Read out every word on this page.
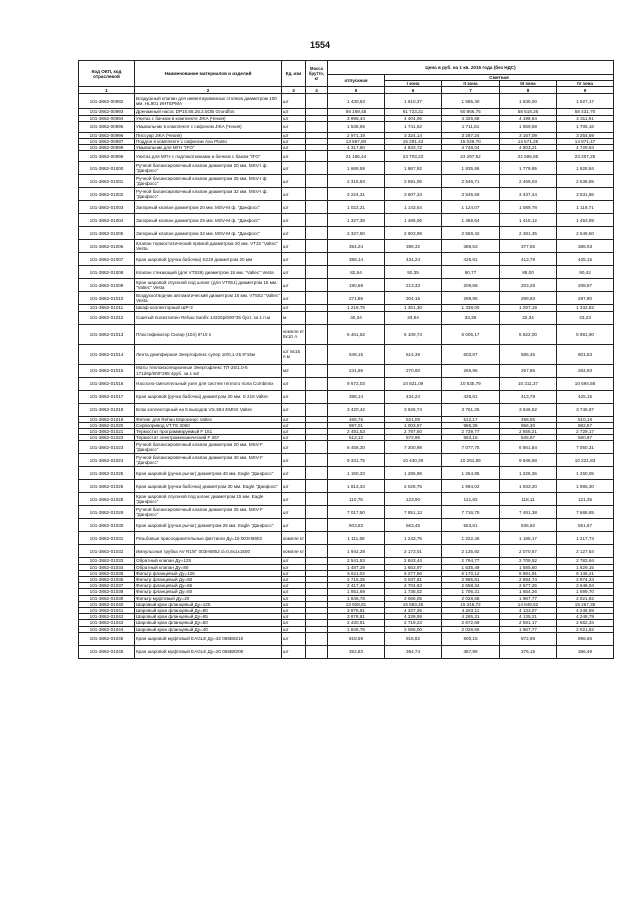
1554
Код ОКП, код отраслевой	Наименование материалов и изделий	Ед. изм	Масса брутто, кг	Цена в руб. на 1 кв. 2015 года (без НДС)				
				отпускная	Сметная			
					I зона	II зона	III зона	IV зона
1	2	3	4	5	6	7	8	9
101-3862-00992	Воздушный клапан для инвентированных стояков диаметром 100 мм. HL901 ИНТЕРМА	шт		1 430,63	1 610,37	1 585,30	1 535,00	1 527,17
101-3862-00993	Дренажный насос DP10.65.26.2.5ОВ Grundfos	шт		56 169,48	61 723,21	60 866,75	58 618,26	58 431,70
101-3862-00994	Унитаз с бачком в комплекте JIKA (Чехия)	шт		3 996,44	4 404,06	4 326,68	4 196,64	4 311,91
101-3862-00995	Умывальник в комплекте с сифоном JIKA (Чехия)	шт		1 538,69	1 741,62	1 711,81	1 659,59	1 705,16
101-3862-00996	Писсуар JIKA (Чехия)	шт		2 971,19	3 324,14	3 267,24	3 167,09	3 254,59
101-3862-00997	Поддон в комплекте с сифоном Axa Plasto	шт		13 687,80	15 291,43	15 029,70	14 571,25	14 971,47
101-3862-00998	Умывальник для МГН "IFO"	шт		4 317,60	4 833,72	4 748,04	4 803,21	4 729,64
101-3862-00999	Унитаз для МГН с подлокотниками и бачком с баком "IFO"	шт		21 186,44	23 703,23	23 297,52	22 586,85	23 207,26
101-3862-01000	Ручной балансировочный клапан диаметром 20 мм. MSV-I ф. "Данфосс"	шт		1 669,59	1 867,92	1 835,95	1 779,95	1 828,84
101-3862-01001	Ручной балансировочный клапан диаметром 25 мм. MSV-I ф. "Данфосс"	шт		2 315,94	2 591,06	2 546,71	2 469,03	2 536,85
101-3862-01002	Ручной балансировочный клапан диаметром 32 мм. MSV-I ф. "Данфосс"	шт		3 224,31	3 607,34	3 545,59	3 437,44	3 531,86
101-3862-01003	Запорный клапан диаметром 20 мм. MSV-M ф. "Данфосс"	шт		1 022,21	1 143,64	1 124,07	1 089,78	1 119,71
101-3862-01004	Запорный клапан диаметром 25 мм. MSV-M ф. "Данфосс"	шт		1 327,38	1 485,06	1 459,64	1 415,12	1 453,99
101-3862-01005	Запорный клапан диаметром 32 мм. MSV-M ф. "Данфосс"	шт		2 327,50	2 603,99	2 559,42	2 481,35	2 549,50
101-3862-01006	Клапан термостатический прямой диаметром 20 мм. VT32 "Valtec" Vesta	шт		354,24	396,32	389,53	377,65	388,03
101-3862-01007	Кран шаровой (ручка бабочка) S219 диаметром 20 мм	шт		388,14	434,24	426,81	413,79	425,15
101-3862-01008	Клапан стекающий (для VT539) диаметром 15 мм. "Valtec" Vesta	шт		82,54	92,35	90,77	88,00	90,42
101-3862-01009	Кран шаровой спускной под шланг (для VT051) диаметром 15 мм. "Valtec" Vesta	шт		190,68	213,33	209,68	203,28	208,87
101-3862-01010	Воздухоотводчик автоматический диаметром 15 мм. VT502 "Valtec" Vesta	шт		271,86	304,16	298,95	289,83	297,80
101-3862-01011	Шкаф коллекторный ШР-3	шт		1 218,76	1 361,30	1 338,00	1 297,19	1 332,82
101-3862-01012	Сшитый полиэтилен Rehau Sanfix 14320р/600*35 бухт. за 1 п.м	м		30,34	33,94	33,36	32,34	33,23
101-3862-01013	Пластификатор Силар (10л) 8*10 л	компле кт 8х10 л		5 461,62	6 109,74	6 005,17	5 822,00	5 981,90
101-3862-01014	Лента демпферная Энергофлекс супер 10/0,1-25 8*15м	шт 8х15 п.м		549,15	614,39	603,87	585,45	601,53
101-3862-01015	Маты теплоизоляционные Энергофлекс ТП-25/1.0-5 17126р/600*285 4руб. за 1 м2	м2		241,86	270,60	265,96	257,85	264,93
101-3862-01016	Насосно-смесительный узел для систем теплого пола Combimix	шт		9 672,03	10 821,09	10 635,79	10 311,37	10 594,58
101-3862-01017	Кран шаровой (ручка бабочка) диаметром 20 мм. S 219 Valtec	шт		388,14	434,24	426,81	413,79	425,15
101-3862-01018	Блок коллекторный на 5 выходов Vtc.594 EMNX Valtec	шт		3 420,42	3 826,74	3 761,25	3 646,52	3 746,67
101-3862-01019	Фитинг для Rehau Евроконус Valtec	шт		465,76	521,09	512,17	496,55	510,19
101-3862-01020	Сервопривод VT.TE 3060	шт		897,01	1 003,57	986,39	956,30	982,57
101-3862-01021	Термостат программируемый F 151	шт		2 491,53	2 787,50	2 739,77	2 656,21	2 729,17
101-3862-01022	Термостат электромеханический F 257	шт		512,12	572,96	563,15	545,97	560,97
101-3862-01023	Ручной балансировочный клапан диаметром 20 мм. MSV-F "Данфосс"	шт		6 458,30	7 200,98	7 077,75	6 861,84	7 050,31
101-3862-01024	Ручной балансировочный клапан диаметром 40 мм. MSV-F "Данфосс"	шт		9 331,75	10 440,29	10 261,59	9 948,58	10 221,83
101-3862-01025	Кран шаровой (ручка рычаг) диаметром 40 мм. Eagle "Данфосс"	шт		1 150,33	1 286,98	1 264,95	1 226,36	1 260,05
101-3862-01026	Кран шаровой (ручка бабочка) диаметром 30 мм. Eagle "Данфосс"	шт		1 813,34	2 028,75	1 994,02	1 933,20	1 986,30
101-3862-01028	Кран шаровой спускной под шланг диаметром 15 мм. Eagle "Данфосс"	шт		110,78	123,90	121,82	118,11	121,35
101-3862-01029	Ручной балансировочный клапан диаметром 25 мм. MSV-F "Данфосс"	шт		7 017,50	7 851,13	7 716,75	7 481,38	7 686,85
101-3862-01030	Кран шаровой (ручка рычаг) диаметром 25 мм. Eagle "Данфосс"	шт		503,63	563,45	553,81	536,92	551,67
101-3862-01031	Резьбовые присоединительные фиттинги Ду=15 003Н6902	компле кт		1 111,68	1 243,75	1 222,46	1 185,17	1 217,73
101-3862-01032	Импульсная трубка AV R1/8" 003Н6852 d=0,6х1х1500	компле кт		1 942,28	2 173,01	2 135,82	2 070,67	2 127,54
101-3862-01033	Обратный клапан Ду=125	шт		2 541,53	2 843,44	2 794,77	2 709,52	2 783,94
101-3862-01034	Обратный клапан Ду=80	шт		1 487,29	1 663,97	1 635,49	1 585,60	1 629,15
101-3862-01035	Фильтр фланцевый Ду=125	шт		5 611,02	6 277,56	6 170,12	5 981,91	6 146,21
101-3862-01036	Фильтр фланцевый Ду=80	шт		2 715,25	3 037,81	2 985,81	2 894,74	2 974,24
101-3862-01037	Фильтр фланцевый Ду=65	шт		2 417,46	2 704,63	2 658,34	2 577,25	2 648,04
101-3862-01038	Фильтр фланцевый Ду=50	шт		1 551,69	1 736,02	1 706,31	1 654,26	1 699,70
101-3862-01039	Фильтр муфтовый Ду=20	шт		1 846,78	2 066,05	2 028,68	1 967,77	2 021,82
101-3862-01040	Шаровый кран фланцевый Ду=125	шт		13 928,81	15 583,45	15 316,72	14 849,52	15 257,38
101-3862-01041	Шаровый кран фланцевый Ду=80	шт		3 876,81	4 337,35	4 263,11	4 133,07	4 246,59
101-3862-01042	Шаровый кран фланцевый Ду=65	шт		3 878,81	4 339,59	4 265,31	4 135,21	4 248,79
101-3862-01043	Шаровый кран фланцевый Ду=50	шт		2 430,51	2 719,23	2 672,69	2 591,17	2 662,34
101-3862-01044	Шаровый кран фланцевый Ду=40	шт		1 845,76	2 065,00	2 029,66	1 967,77	2 021,82
101-3862-01045	Кран шаровой муфтовый EAGLE Ду=32 065B8210	шт		818,59	915,82	900,15	872,69	896,66
101-3862-01046	Кран шаровой муфтовый EAGLE Ду=20 065B8208	шт		352,83	394,74	387,99	376,15	386,49
